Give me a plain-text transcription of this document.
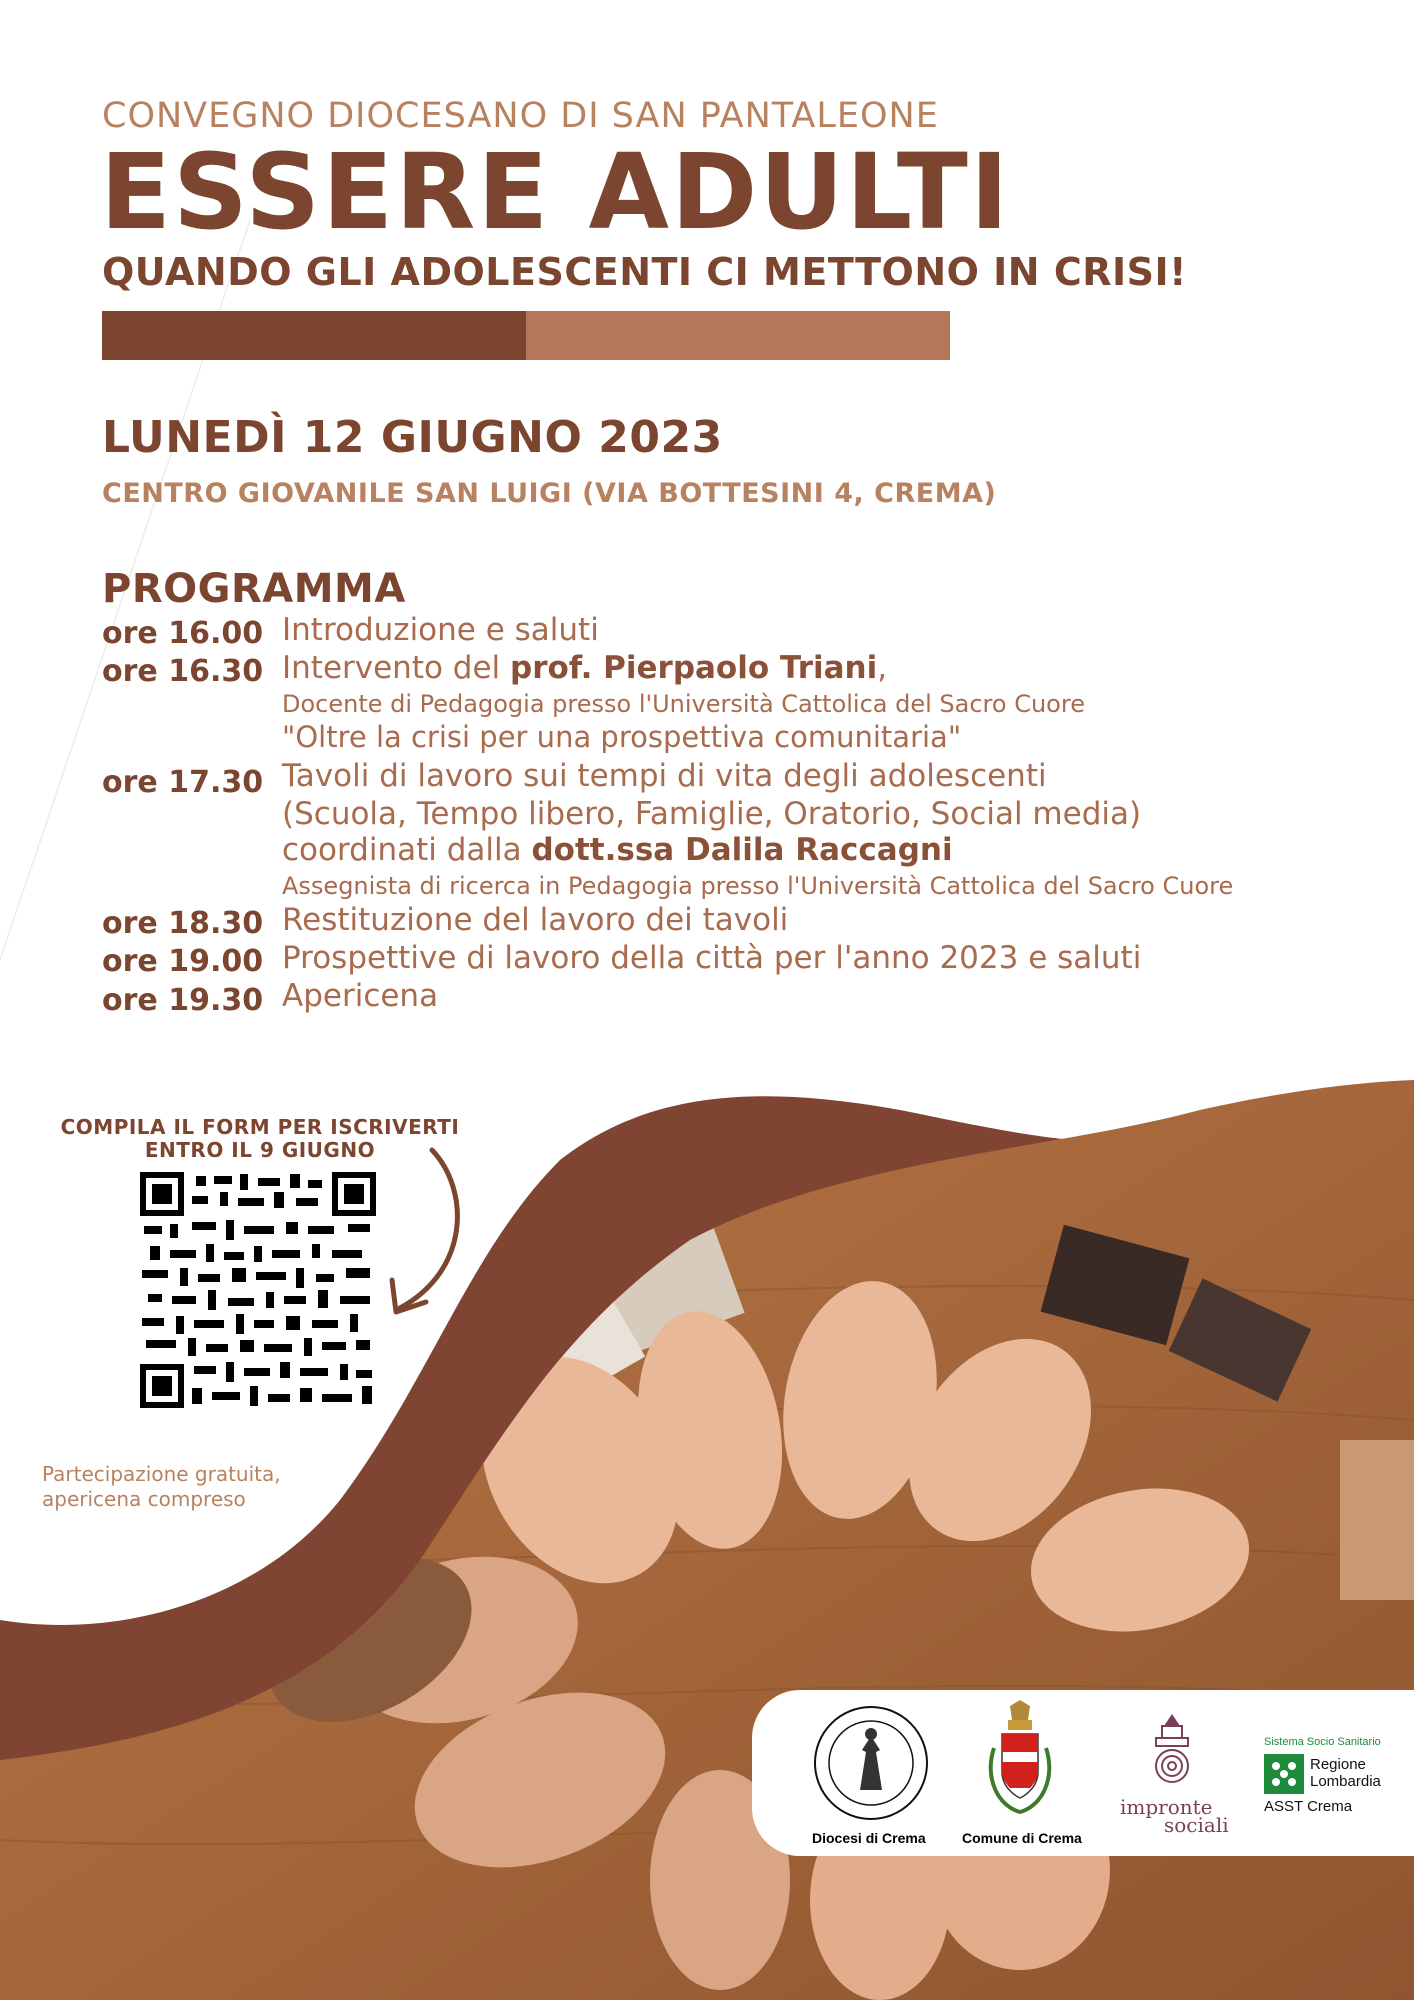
CONVEGNO DIOCESANO DI SAN PANTALEONE
ESSERE ADULTI
QUANDO GLI ADOLESCENTI CI METTONO IN CRISI!
LUNEDÌ 12 GIUGNO 2023
CENTRO GIOVANILE SAN LUIGI (VIA BOTTESINI 4, CREMA)
PROGRAMMA
ore 16.00 Introduzione e saluti
ore 16.30 Intervento del prof. Pierpaolo Triani,
Docente di Pedagogia presso l'Università Cattolica del Sacro Cuore
"Oltre la crisi per una prospettiva comunitaria"
ore 17.30 Tavoli di lavoro sui tempi di vita degli adolescenti
(Scuola, Tempo libero, Famiglie, Oratorio, Social media)
coordinati dalla dott.ssa Dalila Raccagni
Assegnista di ricerca in Pedagogia presso l'Università Cattolica del Sacro Cuore
ore 18.30 Restituzione del lavoro dei tavoli
ore 19.00 Prospettive di lavoro della città per l'anno 2023 e saluti
ore 19.30 Apericena
COMPILA IL FORM PER ISCRIVERTI
ENTRO IL 9 GIUGNO
Partecipazione gratuita,
apericena compreso
Diocesi di Crema	Comune di Crema
impronte
sociali
Sistema Socio Sanitario
Regione
Lombardia
ASST Crema
